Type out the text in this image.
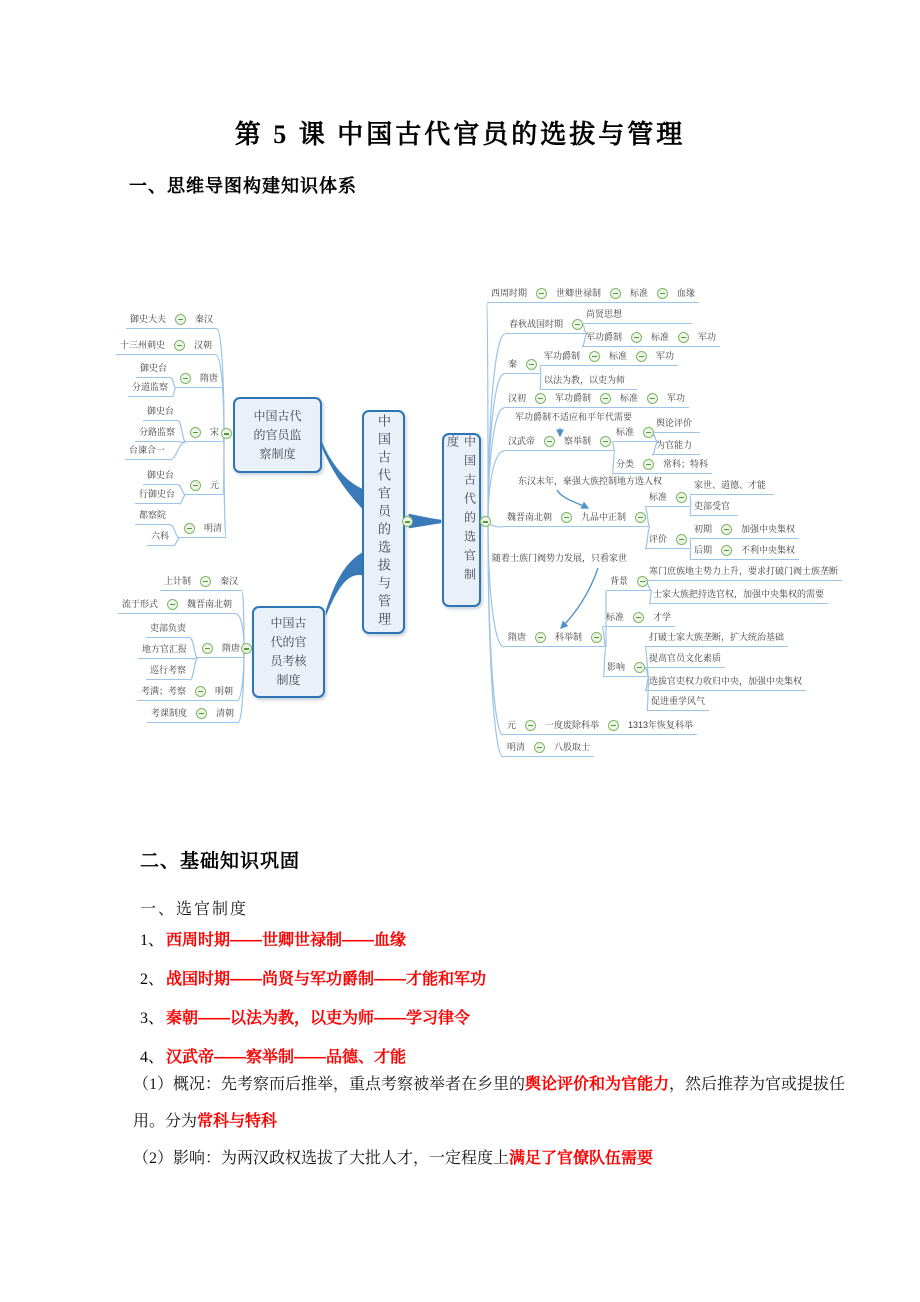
第 5 课 中国古代官员的选拔与管理
一、思维导图构建知识体系
御史大夫	秦汉
十三州刺史	汉朝
御史台
分道监察
隋唐
御史台
分路监察
台谏合一
宋
御史台
行御史台
元
都察院
六科
明清
上计制	秦汉
流于形式	魏晋南北朝
吏部负责
地方官汇报
巡行考察
隋唐
考满；考察	明朝
考课制度	清朝
西周时期	世卿世禄制	标准	血缘
春秋战国时期
尚贤思想
军功爵制	标准	军功
秦
军功爵制	标准	军功
以法为教，以吏为师
汉初	军功爵制	标准	军功
军功爵制不适应和平年代需要
汉武帝	察举制
标准
舆论评价
为官能力
分类	常科；特科
东汉末年，豪强大族控制地方选人权
魏晋南北朝	九品中正制
标准
家世、道德、才能
吏部受官
评价
初期	加强中央集权
后期	不利中央集权
随着士族门阀势力发展，只看家世
隋唐	科举制
背景
寒门庶族地主势力上升，要求打破门阀士族垄断
士家大族把持选官权，加强中央集权的需要
标准	才学
影响
打破士家大族垄断，扩大统治基础
提高官员文化素质
选拔官吏权力收归中央，加强中央集权
促进重学风气
元	一度废除科举	1313年恢复科举
明清	八股取士
中国古代
的官员监
察制度
中国古
代的官
员考核
制度
中国古代官员的选拔与管理	中国古代的选官制度
二、基础知识巩固
一、选官制度
1、 西周时期——世卿世禄制——血缘
2、 战国时期——尚贤与军功爵制——才能和军功
3、 秦朝——以法为教，以吏为师——学习律令
4、 汉武帝——察举制——品德、才能

（1）概况：先考察而后推举，重点考察被举者在乡里的舆论评价和为官能力，然后推荐为官或提拔任用。分为常科与特科

（2）影响：为两汉政权选拔了大批人才，一定程度上满足了官僚队伍需要
